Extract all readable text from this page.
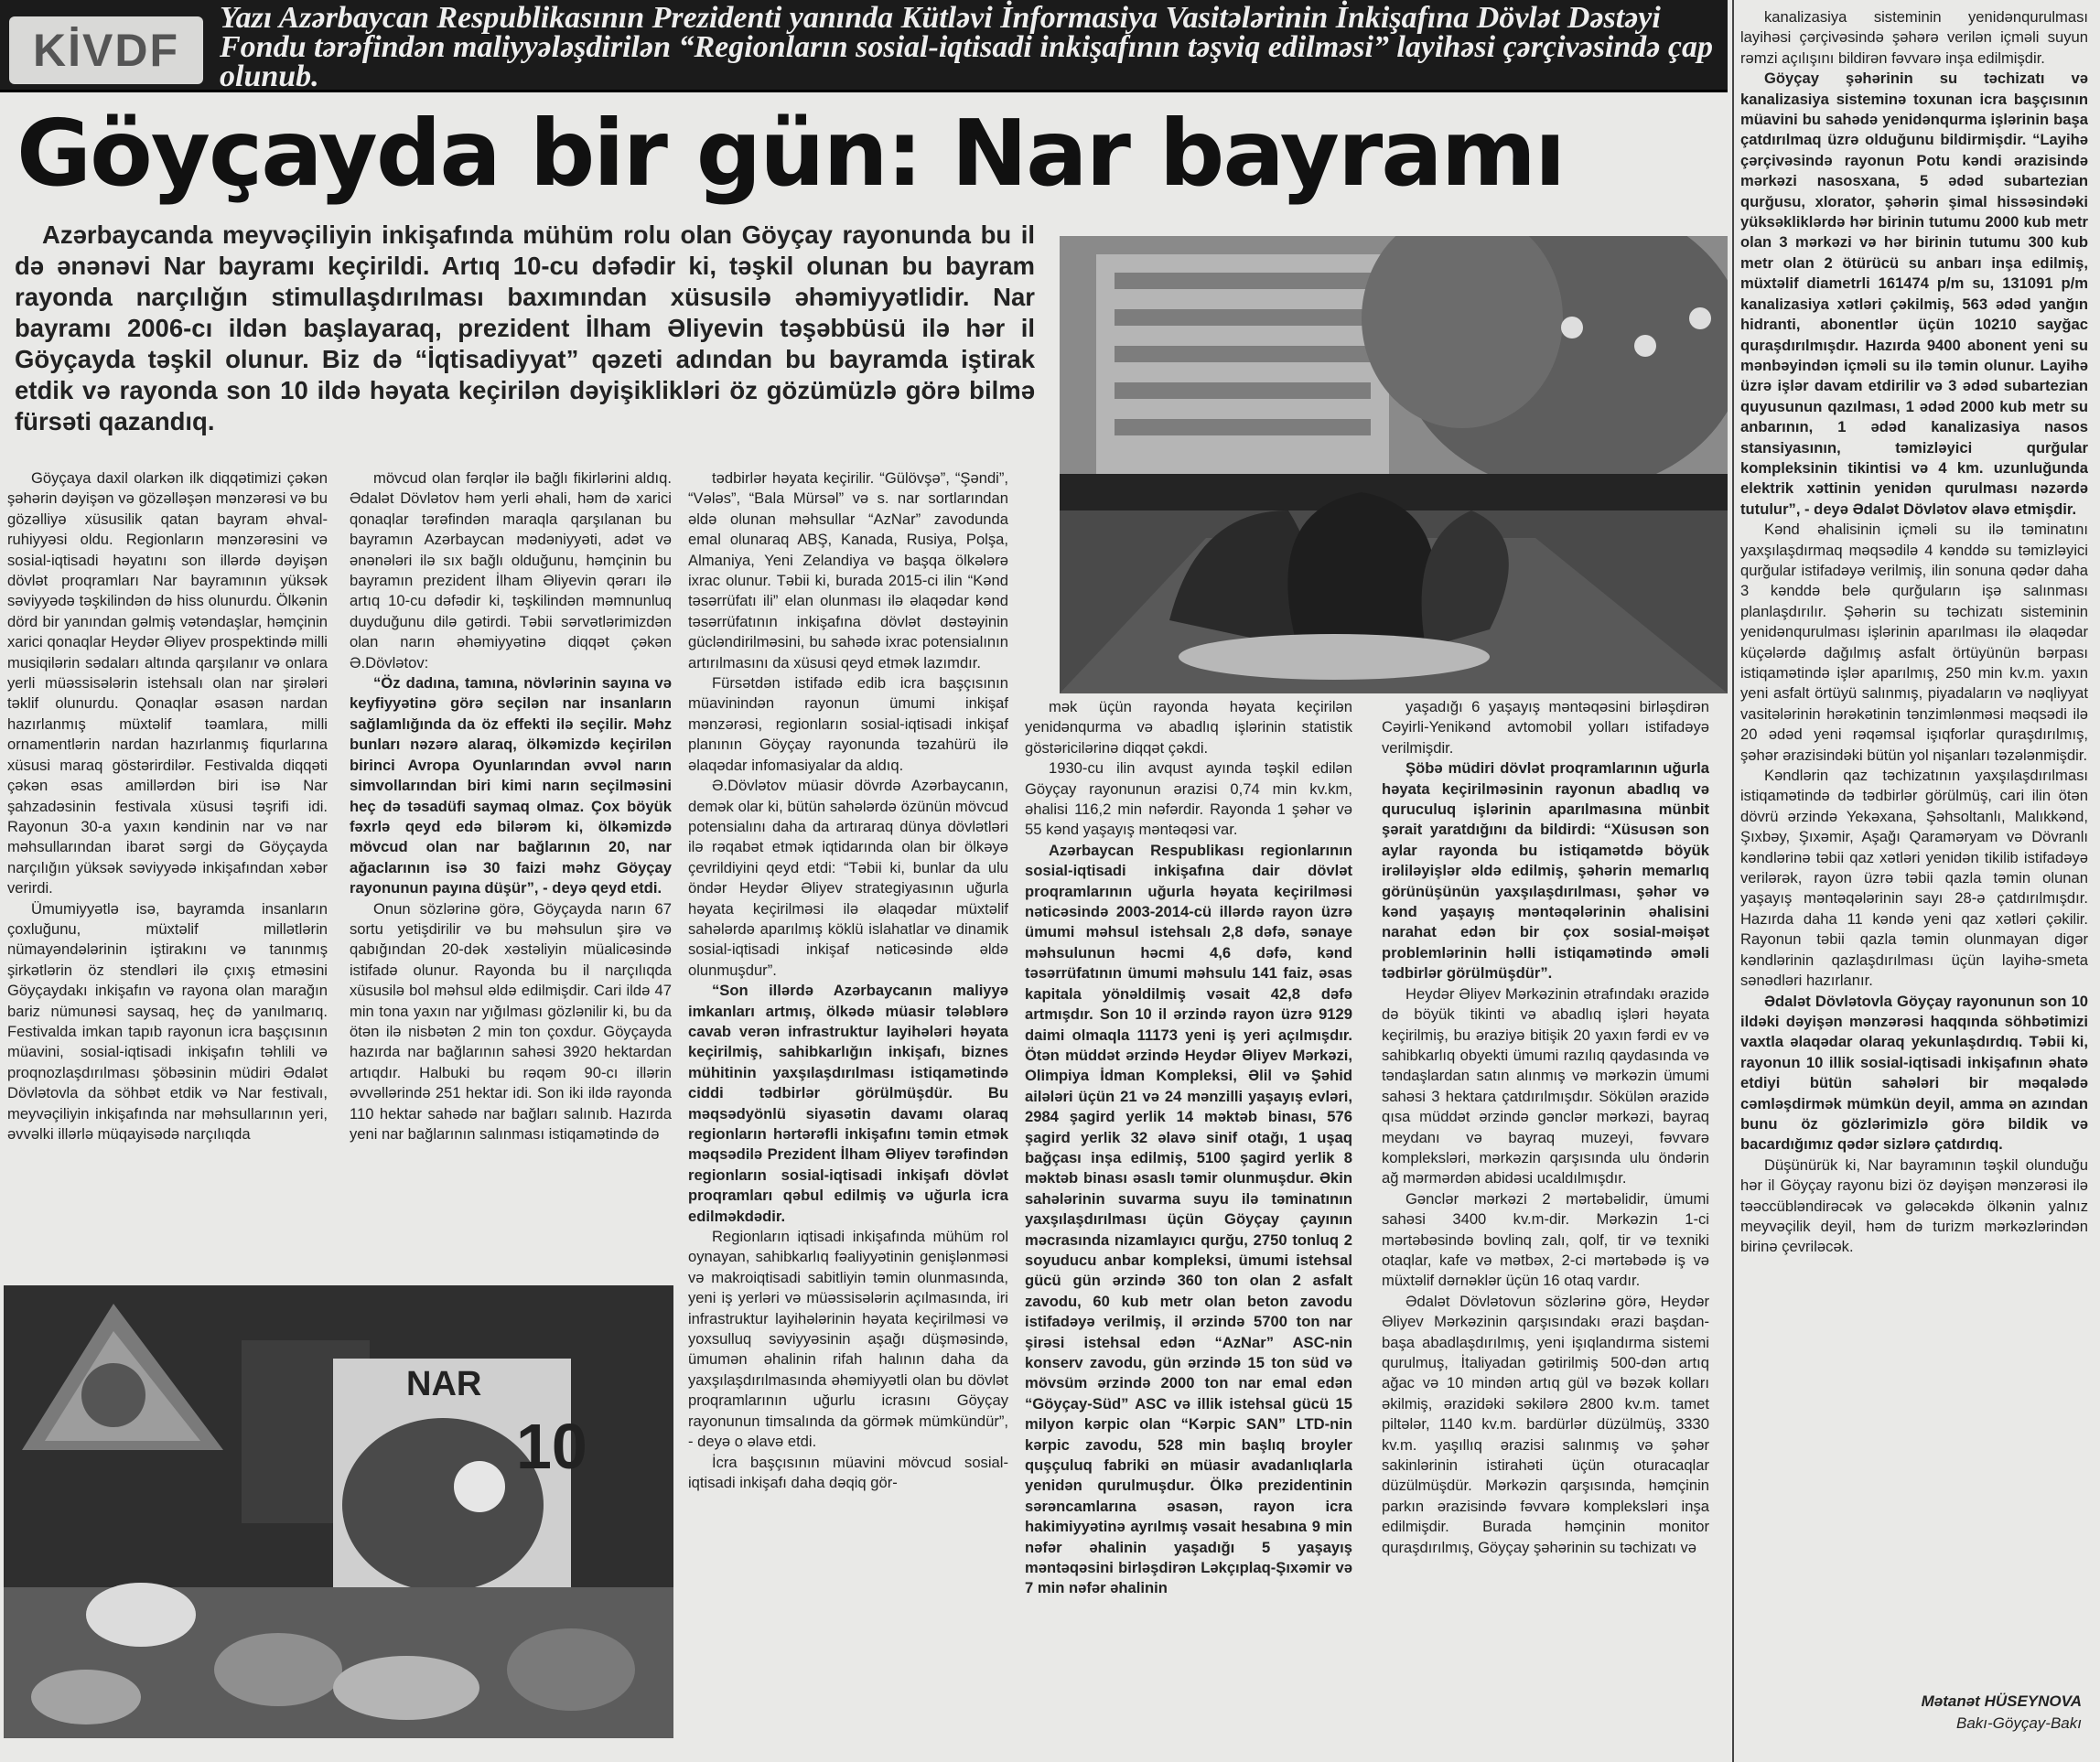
KİVDF
Yazı Azərbaycan Respublikasının Prezidenti yanında Kütləvi İnformasiya Vasitələrinin İnkişafına Dövlət Dəstəyi Fondu tərəfindən maliyyələşdirilən “Regionların sosial-iqtisadi inkişafının təşviq edilməsi” layihəsi çərçivəsində çap olunub.
Göyçayda bir gün: Nar bayramı
Azərbaycanda meyvəçiliyin inkişafında mühüm rolu olan Göyçay rayonunda bu il də ənənəvi Nar bayramı keçirildi. Artıq 10-cu dəfədir ki, təşkil olunan bu bayram rayonda narçılığın stimullaşdırılması baxımından xüsusilə əhəmiyyətlidir. Nar bayramı 2006-cı ildən başlayaraq, prezident İlham Əliyevin təşəbbüsü ilə hər il Göyçayda təşkil olunur. Biz də “İqtisadiyyat” qəzeti adından bu bayramda iştirak etdik və rayonda son 10 ildə həyata keçirilən dəyişiklikləri öz gözümüzlə görə bilmə fürsəti qazandıq.
NAR
10

Göyçaya daxil olarkən ilk diqqətimizi çəkən şəhərin dəyişən və gözəlləşən mənzərəsi və bu gözəlliyə xüsusilik qatan bayram əhval-ruhiyyəsi oldu. Regionların mənzərəsini və sosial-iqtisadi həyatını son illərdə dəyişən dövlət proqramları Nar bayramının yüksək səviyyədə təşkilindən də hiss olunurdu. Ölkənin dörd bir yanından gəlmiş vətəndaşlar, həmçinin xarici qonaqlar Heydər Əliyev prospektində milli musiqilərin sədaları altında qarşılanır və onlara yerli müəssisələrin istehsalı olan nar şirələri təklif olunurdu. Qonaqlar əsasən nardan hazırlanmış müxtəlif təamlara, milli ornamentlərin nardan hazırlanmış fiqurlarına xüsusi maraq göstərirdilər. Festivalda diqqəti çəkən əsas amillərdən biri isə Nar şahzadəsinin festivala xüsusi təşrifi idi. Rayonun 30-a yaxın kəndinin nar və nar məhsullarından ibarət sərgi də Göyçayda narçılığın yüksək səviyyədə inkişafından xəbər verirdi.

Ümumiyyətlə isə, bayramda insanların çoxluğunu, müxtəlif millətlərin nümayəndələrinin iştirakını və tanınmış şirkətlərin öz stendləri ilə çıxış etməsini Göyçaydakı inkişafın və rayona olan marağın bariz nümunəsi saysaq, heç də yanılmarıq. Festivalda imkan tapıb rayonun icra başçısının müavini, sosial-iqtisadi inkişafın təhlili və proqnozlaşdırılması şöbəsinin müdiri Ədalət Dövlətovla da söhbət etdik və Nar festivalı, meyvəçiliyin inkişafında nar məhsullarının yeri, əvvəlki illərlə müqayisədə narçılıqda

mövcud olan fərqlər ilə bağlı fikirlərini aldıq. Ədalət Dövlətov həm yerli əhali, həm də xarici qonaqlar tərəfindən maraqla qarşılanan bu bayramın Azərbaycan mədəniyyəti, adət və ənənələri ilə sıx bağlı olduğunu, həmçinin bu bayramın prezident İlham Əliyevin qərarı ilə artıq 10-cu dəfədir ki, təşkilindən məmnunluq duyduğunu dilə gətirdi. Təbii sərvətlərimizdən olan narın əhəmiyyətinə diqqət çəkən Ə.Dövlətov:

“Öz dadına, tamına, növlərinin sayına və keyfiyyətinə görə seçilən nar insanların sağlamlığında da öz effekti ilə seçilir. Məhz bunları nəzərə alaraq, ölkəmizdə keçirilən birinci Avropa Oyunlarından əvvəl narın simvollarından biri kimi narın seçilməsini heç də təsadüfi saymaq olmaz. Çox böyük fəxrlə qeyd edə bilərəm ki, ölkəmizdə mövcud olan nar bağlarının 20, nar ağaclarının isə 30 faizi məhz Göyçay rayonunun payına düşür”, - deyə qeyd etdi.

Onun sözlərinə görə, Göyçayda narın 67 sortu yetişdirilir və bu məhsulun şirə və qabığından 20-dək xəstəliyin müalicəsində istifadə olunur. Rayonda bu il narçılıqda xüsusilə bol məhsul əldə edilmişdir. Cari ildə 47 min tona yaxın nar yığılması gözlənilir ki, bu da ötən ilə nisbətən 2 min ton çoxdur. Göyçayda hazırda nar bağlarının sahəsi 3920 hektardan artıqdır. Halbuki bu rəqəm 90-cı illərin əvvəllərində 251 hektar idi. Son iki ildə rayonda 110 hektar sahədə nar bağları salınıb. Hazırda yeni nar bağlarının salınması istiqamətində də

tədbirlər həyata keçirilir. “Gülövşə”, “Şəndi”, “Vələs”, “Bala Mürsəl” və s. nar sortlarından əldə olunan məhsullar “AzNar” zavodunda emal olunaraq ABŞ, Kanada, Rusiya, Polşa, Almaniya, Yeni Zelandiya və başqa ölkələrə ixrac olunur. Təbii ki, burada 2015-ci ilin “Kənd təsərrüfatı ili” elan olunması ilə əlaqədar kənd təsərrüfatının inkişafına dövlət dəstəyinin gücləndirilməsini, bu sahədə ixrac potensialının artırılmasını da xüsusi qeyd etmək lazımdır.

Fürsətdən istifadə edib icra başçısının müavinindən rayonun ümumi inkişaf mənzərəsi, regionların sosial-iqtisadi inkişaf planının Göyçay rayonunda təzahürü ilə əlaqədar infomasiyalar da aldıq.

Ə.Dövlətov müasir dövrdə Azərbaycanın, demək olar ki, bütün sahələrdə özünün mövcud potensialını daha da artıraraq dünya dövlətləri ilə rəqabət etmək iqtidarında olan bir ölkəyə çevrildiyini qeyd etdi: “Təbii ki, bunlar da ulu öndər Heydər Əliyev strategiyasının uğurla həyata keçirilməsi ilə əlaqədar müxtəlif sahələrdə aparılmış köklü islahatlar və dinamik sosial-iqtisadi inkişaf nəticəsində əldə olunmuşdur”.

“Son illərdə Azərbaycanın maliyyə imkanları artmış, ölkədə müasir tələblərə cavab verən infrastruktur layihələri həyata keçirilmiş, sahibkarlığın inkişafı, biznes mühitinin yaxşılaşdırılması istiqamətində ciddi tədbirlər görülmüşdür. Bu məqsədyönlü siyasətin davamı olaraq regionların hərtərəfli inkişafını təmin etmək məqsədilə Prezident İlham Əliyev tərəfindən regionların sosial-iqtisadi inkişafı dövlət proqramları qəbul edilmiş və uğurla icra edilməkdədir.

Regionların iqtisadi inkişafında mühüm rol oynayan, sahibkarlıq fəaliyyətinin genişlənməsi və makroiqtisadi sabitliyin təmin olunmasında, yeni iş yerləri və müəssisələrin açılmasında, iri infrastruktur layihələrinin həyata keçirilməsi və yoxsulluq səviyyəsinin aşağı düşməsində, ümumən əhalinin rifah halının daha da yaxşılaşdırılmasında əhəmiyyətli olan bu dövlət proqramlarının uğurlu icrasını Göyçay rayonunun timsalında da görmək mümkündür”, - deyə o əlavə etdi.

İcra başçısının müavini mövcud sosial-iqtisadi inkişafı daha dəqiq gör-

mək üçün rayonda həyata keçirilən yenidənqurma və abadlıq işlərinin statistik göstəricilərinə diqqət çəkdi.

1930-cu ilin avqust ayında təşkil edilən Göyçay rayonunun ərazisi 0,74 min kv.km, əhalisi 116,2 min nəfərdir. Rayonda 1 şəhər və 55 kənd yaşayış məntəqəsi var.

Azərbaycan Respublikası regionlarının sosial-iqtisadi inkişafına dair dövlət proqramlarının uğurla həyata keçirilməsi nəticəsində 2003-2014-cü illərdə rayon üzrə ümumi məhsul istehsalı 2,8 dəfə, sənaye məhsulunun həcmi 4,6 dəfə, kənd təsərrüfatının ümumi məhsulu 141 faiz, əsas kapitala yönəldilmiş vəsait 42,8 dəfə artmışdır. Son 10 il ərzində rayon üzrə 9129 daimi olmaqla 11173 yeni iş yeri açılmışdır. Ötən müddət ərzində Heydər Əliyev Mərkəzi, Olimpiya İdman Kompleksi, Əlil və Şəhid ailələri üçün 21 və 24 mənzilli yaşayış evləri, 2984 şagird yerlik 14 məktəb binası, 576 şagird yerlik 32 əlavə sinif otağı, 1 uşaq bağçası inşa edilmiş, 5100 şagird yerlik 8 məktəb binası əsaslı təmir olunmuşdur. Əkin sahələrinin suvarma suyu ilə təminatının yaxşılaşdırılması üçün Göyçay çayının məcrasında nizamlayıcı qurğu, 2750 tonluq 2 soyuducu anbar kompleksi, ümumi istehsal gücü gün ərzində 360 ton olan 2 asfalt zavodu, 60 kub metr olan beton zavodu istifadəyə verilmiş, il ərzində 5700 ton nar şirəsi istehsal edən “AzNar” ASC-nin konserv zavodu, gün ərzində 15 ton süd və mövsüm ərzində 2000 ton nar emal edən “Göyçay-Süd” ASC və illik istehsal gücü 15 milyon kərpic olan “Kərpic SAN” LTD-nin kərpic zavodu, 528 min başlıq broyler quşçuluq fabriki ən müasir avadanlıqlarla yenidən qurulmuşdur. Ölkə prezidentinin sərəncamlarına əsasən, rayon icra hakimiyyətinə ayrılmış vəsait hesabına 9 min nəfər əhalinin yaşadığı 5 yaşayış məntəqəsini birləşdirən Ləkçıplaq-Şıxəmir və 7 min nəfər əhalinin

yaşadığı 6 yaşayış məntəqəsini birləşdirən Cəyirli-Yenikənd avtomobil yolları istifadəyə verilmişdir.

Şöbə müdiri dövlət proqramlarının uğurla həyata keçirilməsinin rayonun abadlıq və quruculuq işlərinin aparılmasına münbit şərait yaratdığını da bildirdi: “Xüsusən son aylar rayonda bu istiqamətdə böyük irəliləyişlər əldə edilmiş, şəhərin memarlıq görünüşünün yaxşılaşdırılması, şəhər və kənd yaşayış məntəqələrinin əhalisini narahat edən bir çox sosial-məişət problemlərinin həlli istiqamətində əməli tədbirlər görülmüşdür”.

Heydər Əliyev Mərkəzinin ətrafındakı ərazidə də böyük tikinti və abadlıq işləri həyata keçirilmiş, bu əraziyə bitişik 20 yaxın fərdi ev və sahibkarlıq obyekti ümumi razılıq qaydasında və təndaşlardan satın alınmış və mərkəzin ümumi sahəsi 3 hektara çatdırılmışdır. Sökülən ərazidə qısa müddət ərzində gənclər mərkəzi, bayraq meydanı və bayraq muzeyi, fəvvarə kompleksləri, mərkəzin qarşısında ulu öndərin ağ mərmərdən abidəsi ucaldılmışdır.

Gənclər mərkəzi 2 mərtəbəlidir, ümumi sahəsi 3400 kv.m-dir. Mərkəzin 1-ci mərtəbəsində bovlinq zalı, qolf, tir və texniki otaqlar, kafe və mətbəx, 2-ci mərtəbədə iş və müxtəlif dərnəklər üçün 16 otaq vardır.

Ədalət Dövlətovun sözlərinə görə, Heydər Əliyev Mərkəzinin qarşısındakı ərazi başdan-başa abadlaşdırılmış, yeni işıqlandırma sistemi qurulmuş, İtaliyadan gətirilmiş 500-dən artıq ağac və 10 mindən artıq gül və bəzək kolları əkilmiş, ərazidəki səkilərə 2800 kv.m. tamet piltələr, 1140 kv.m. bardürlər düzülmüş, 3330 kv.m. yaşıllıq ərazisi salınmış və şəhər sakinlərinin istirahəti üçün oturacaqlar düzülmüşdür. Mərkəzin qarşısında, həmçinin parkın ərazisində fəvvarə kompleksləri inşa edilmişdir. Burada həmçinin monitor quraşdırılmış, Göyçay şəhərinin su təchizatı və

kanalizasiya sisteminin yenidənqurulması layihəsi çərçivəsində şəhərə verilən içməli suyun rəmzi açılışını bildirən fəvvarə inşa edilmişdir.

Göyçay şəhərinin su təchizatı və kanalizasiya sisteminə toxunan icra başçısının müavini bu sahədə yenidənqurma işlərinin başa çatdırılmaq üzrə olduğunu bildirmişdir. “Layihə çərçivəsində rayonun Potu kəndi ərazisində mərkəzi nasosxana, 5 ədəd subartezian qurğusu, xlorator, şəhərin şimal hissəsindəki yüksəkliklərdə hər birinin tutumu 2000 kub metr olan 3 mərkəzi və hər birinin tutumu 300 kub metr olan 2 ötürücü su anbarı inşa edilmiş, müxtəlif diametrli 161474 p/m su, 131091 p/m kanalizasiya xətləri çəkilmiş, 563 ədəd yanğın hidranti, abonentlər üçün 10210 sayğac quraşdırılmışdır. Hazırda 9400 abonent yeni su mənbəyindən içməli su ilə təmin olunur. Layihə üzrə işlər davam etdirilir və 3 ədəd subartezian quyusunun qazılması, 1 ədəd 2000 kub metr su anbarının, 1 ədəd kanalizasiya nasos stansiyasının, təmizləyici qurğular kompleksinin tikintisi və 4 km. uzunluğunda elektrik xəttinin yenidən qurulması nəzərdə tutulur”, - deyə Ədalət Dövlətov əlavə etmişdir.

Kənd əhalisinin içməli su ilə təminatını yaxşılaşdırmaq məqsədilə 4 kənddə su təmizləyici qurğular istifadəyə verilmiş, ilin sonuna qədər daha 3 kənddə belə qurğuların işə salınması planlaşdırılır. Şəhərin su təchizatı sisteminin yenidənqurulması işlərinin aparılması ilə əlaqədar küçələrdə dağılmış asfalt örtüyünün bərpası istiqamətində işlər aparılmış, 250 min kv.m. yaxın yeni asfalt örtüyü salınmış, piyadaların və nəqliyyat vasitələrinin hərəkətinin tənzimlənməsi məqsədi ilə 20 ədəd yeni rəqəmsal işıqforlar quraşdırılmış, şəhər ərazisindəki bütün yol nişanları təzələnmişdir.

Kəndlərin qaz təchizatının yaxşılaşdırılması istiqamətində də tədbirlər görülmüş, cari ilin ötən dövrü ərzində Yekəxana, Şəhsoltanlı, Malıkkənd, Şıxbəy, Şıxəmir, Aşağı Qaraməryam və Dövranlı kəndlərinə təbii qaz xətləri yenidən tikilib istifadəyə verilərək, rayon üzrə təbii qazla təmin olunan yaşayış məntəqələrinin sayı 28-ə çatdırılmışdır. Hazırda daha 11 kəndə yeni qaz xətləri çəkilir. Rayonun təbii qazla təmin olunmayan digər kəndlərinin qazlaşdırılması üçün layihə-smeta sənədləri hazırlanır.

Ədalət Dövlətovla Göyçay rayonunun son 10 ildəki dəyişən mənzərəsi haqqında söhbətimizi vaxtla əlaqədar olaraq yekunlaşdırdıq. Təbii ki, rayonun 10 illik sosial-iqtisadi inkişafının əhatə etdiyi bütün sahələri bir məqalədə cəmləşdirmək mümkün deyil, amma ən azından bunu öz gözlərimizlə görə bildik və bacardığımız qədər sizlərə çatdırdıq.

Düşünürük ki, Nar bayramının təşkil olunduğu hər il Göyçay rayonu bizi öz dəyişən mənzərəsi ilə təəccübləndirəcək və gələcəkdə ölkənin yalnız meyvəçilik deyil, həm də turizm mərkəzlərindən birinə çevriləcək.

Mətanət HÜSEYNOVA
Bakı-Göyçay-Bakı
